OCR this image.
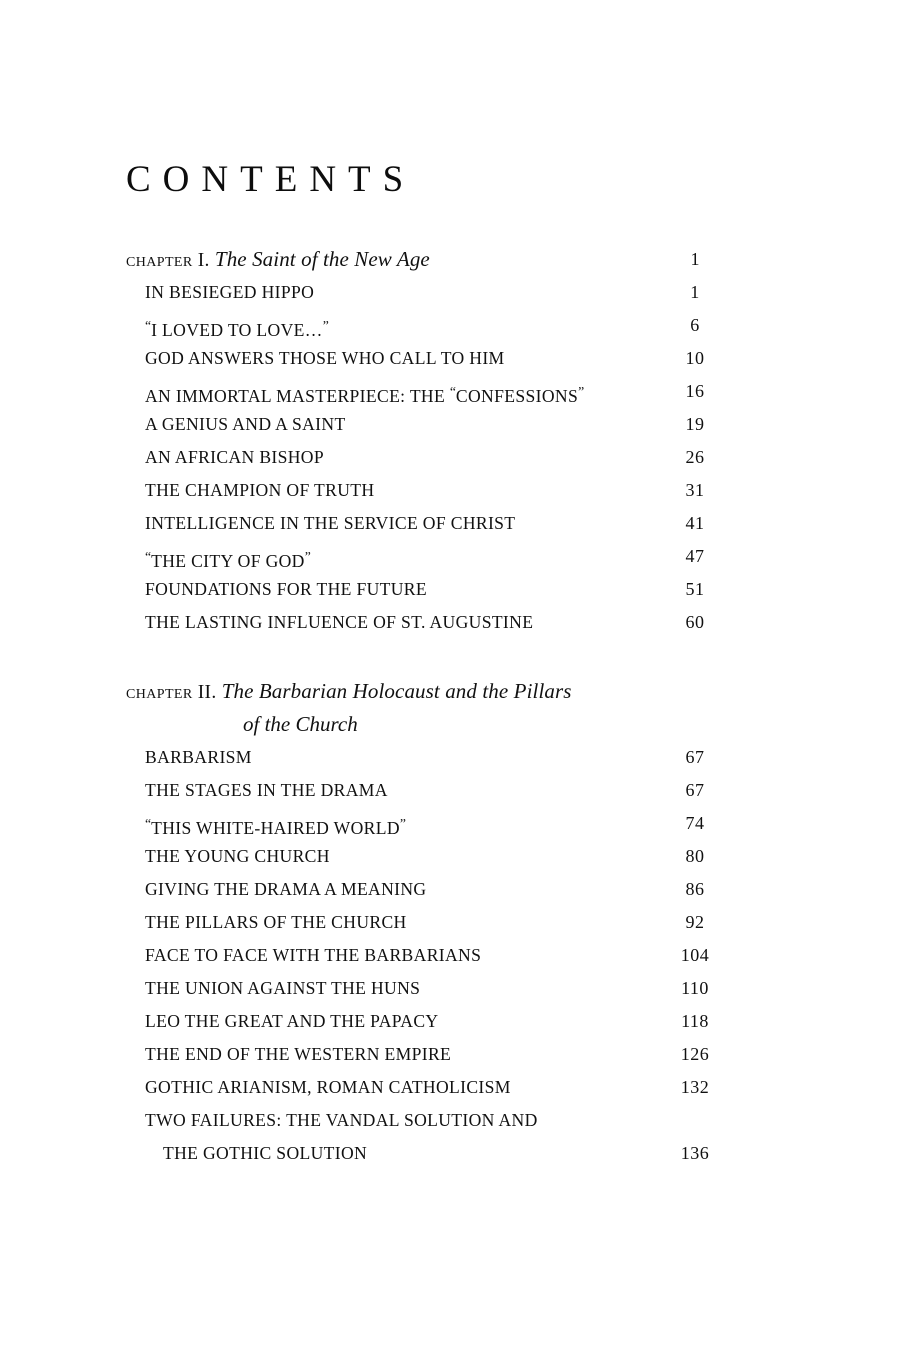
CONTENTS
chapter I. The Saint of the New Age	1
IN BESIEGED HIPPO	1
“I LOVED TO LOVE…”	6
GOD ANSWERS THOSE WHO CALL TO HIM	10
AN IMMORTAL MASTERPIECE: THE “CONFESSIONS”	16
A GENIUS AND A SAINT	19
AN AFRICAN BISHOP	26
THE CHAMPION OF TRUTH	31
INTELLIGENCE IN THE SERVICE OF CHRIST	41
“THE CITY OF GOD”	47
FOUNDATIONS FOR THE FUTURE	51
THE LASTING INFLUENCE OF ST. AUGUSTINE	60
chapter II. The Barbarian Holocaust and the Pillars
of the Church
BARBARISM	67
THE STAGES IN THE DRAMA	67
“THIS WHITE-HAIRED WORLD”	74
THE YOUNG CHURCH	80
GIVING THE DRAMA A MEANING	86
THE PILLARS OF THE CHURCH	92
FACE TO FACE WITH THE BARBARIANS	104
THE UNION AGAINST THE HUNS	110
LEO THE GREAT AND THE PAPACY	118
THE END OF THE WESTERN EMPIRE	126
GOTHIC ARIANISM, ROMAN CATHOLICISM	132
TWO FAILURES: THE VANDAL SOLUTION AND
THE GOTHIC SOLUTION	136
